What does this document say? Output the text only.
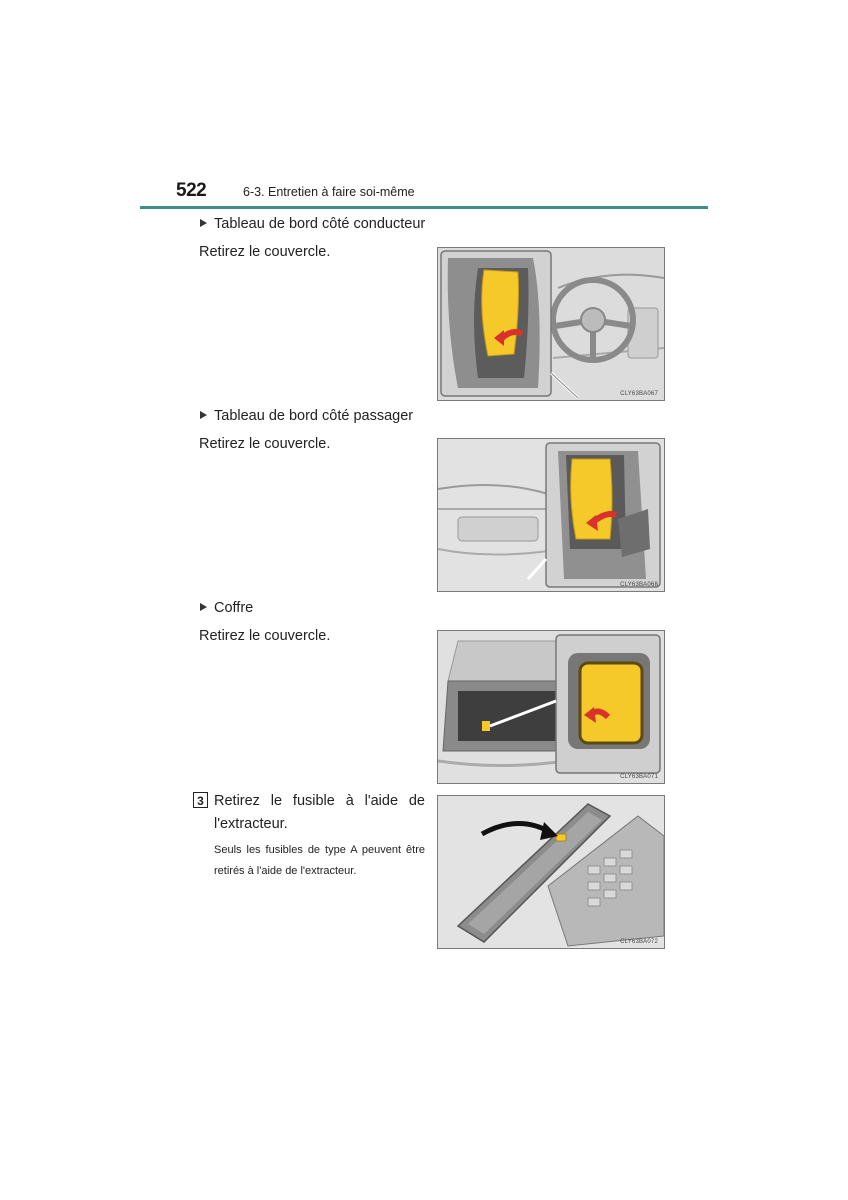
522	6-3. Entretien à faire soi-même
Tableau de bord côté conducteur
Retirez le couvercle.
CLY63BA067
Tableau de bord côté passager
Retirez le couvercle.
CLY63BA068
Coffre
Retirez le couvercle.
CLY63BA071
3 Retirez le fusible à l'aide de l'extracteur.
Seuls les fusibles de type A peuvent être retirés à l'aide de l'extracteur.
CLY63BA072
